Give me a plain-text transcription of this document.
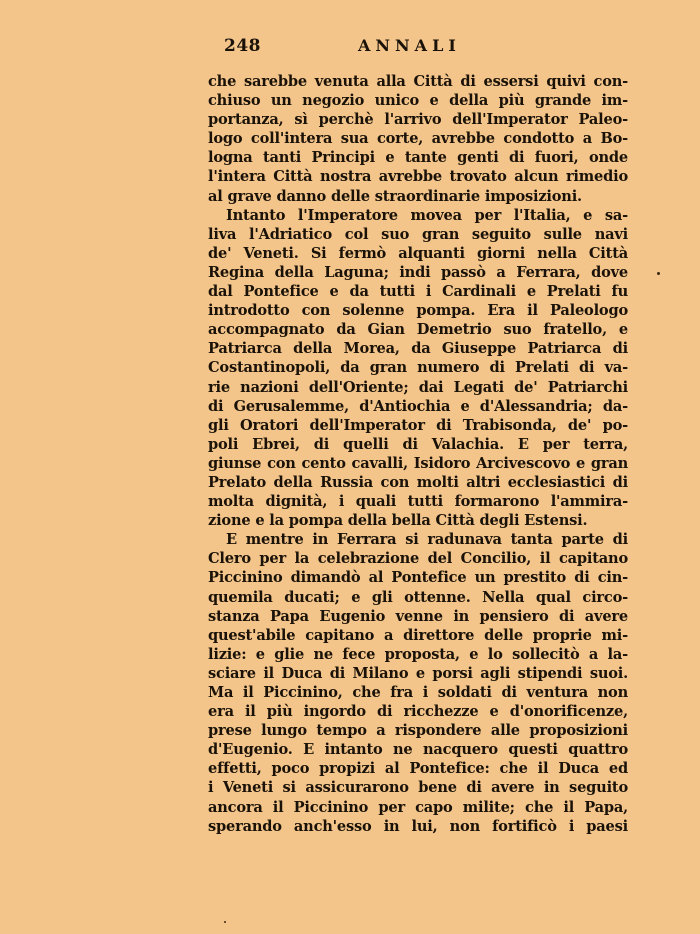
248	ANNALI
che sarebbe venuta alla Città di essersi quivi con-
chiuso un negozio unico e della più grande im-
portanza, sì perchè l'arrivo dell'Imperator Paleo-
logo coll'intera sua corte, avrebbe condotto a Bo-
logna tanti Principi e tante genti di fuori, onde
l'intera Città nostra avrebbe trovato alcun rimedio
al grave danno delle straordinarie imposizioni.
Intanto l'Imperatore movea per l'Italia, e sa-
liva l'Adriatico col suo gran seguito sulle navi
de' Veneti. Si fermò alquanti giorni nella Città
Regina della Laguna; indi passò a Ferrara, dove
dal Pontefice e da tutti i Cardinali e Prelati fu
introdotto con solenne pompa. Era il Paleologo
accompagnato da Gian Demetrio suo fratello, e
Patriarca della Morea, da Giuseppe Patriarca di
Costantinopoli, da gran numero di Prelati di va-
rie nazioni dell'Oriente; dai Legati de' Patriarchi
di Gerusalemme, d'Antiochia e d'Alessandria; da-
gli Oratori dell'Imperator di Trabisonda, de' po-
poli Ebrei, di quelli di Valachia. E per terra,
giunse con cento cavalli, Isidoro Arcivescovo e gran
Prelato della Russia con molti altri ecclesiastici di
molta dignità, i quali tutti formarono l'ammira-
zione e la pompa della bella Città degli Estensi.
E mentre in Ferrara si radunava tanta parte di
Clero per la celebrazione del Concilio, il capitano
Piccinino dimandò al Pontefice un prestito di cin-
quemila ducati; e gli ottenne. Nella qual circo-
stanza Papa Eugenio venne in pensiero di avere
quest'abile capitano a direttore delle proprie mi-
lizie: e glie ne fece proposta, e lo sollecitò a la-
sciare il Duca di Milano e porsi agli stipendi suoi.
Ma il Piccinino, che fra i soldati di ventura non
era il più ingordo di ricchezze e d'onorificenze,
prese lungo tempo a rispondere alle proposizioni
d'Eugenio. E intanto ne nacquero questi quattro
effetti, poco propizi al Pontefice: che il Duca ed
i Veneti si assicurarono bene di avere in seguito
ancora il Piccinino per capo milite; che il Papa,
sperando anch'esso in lui, non fortificò i paesi
